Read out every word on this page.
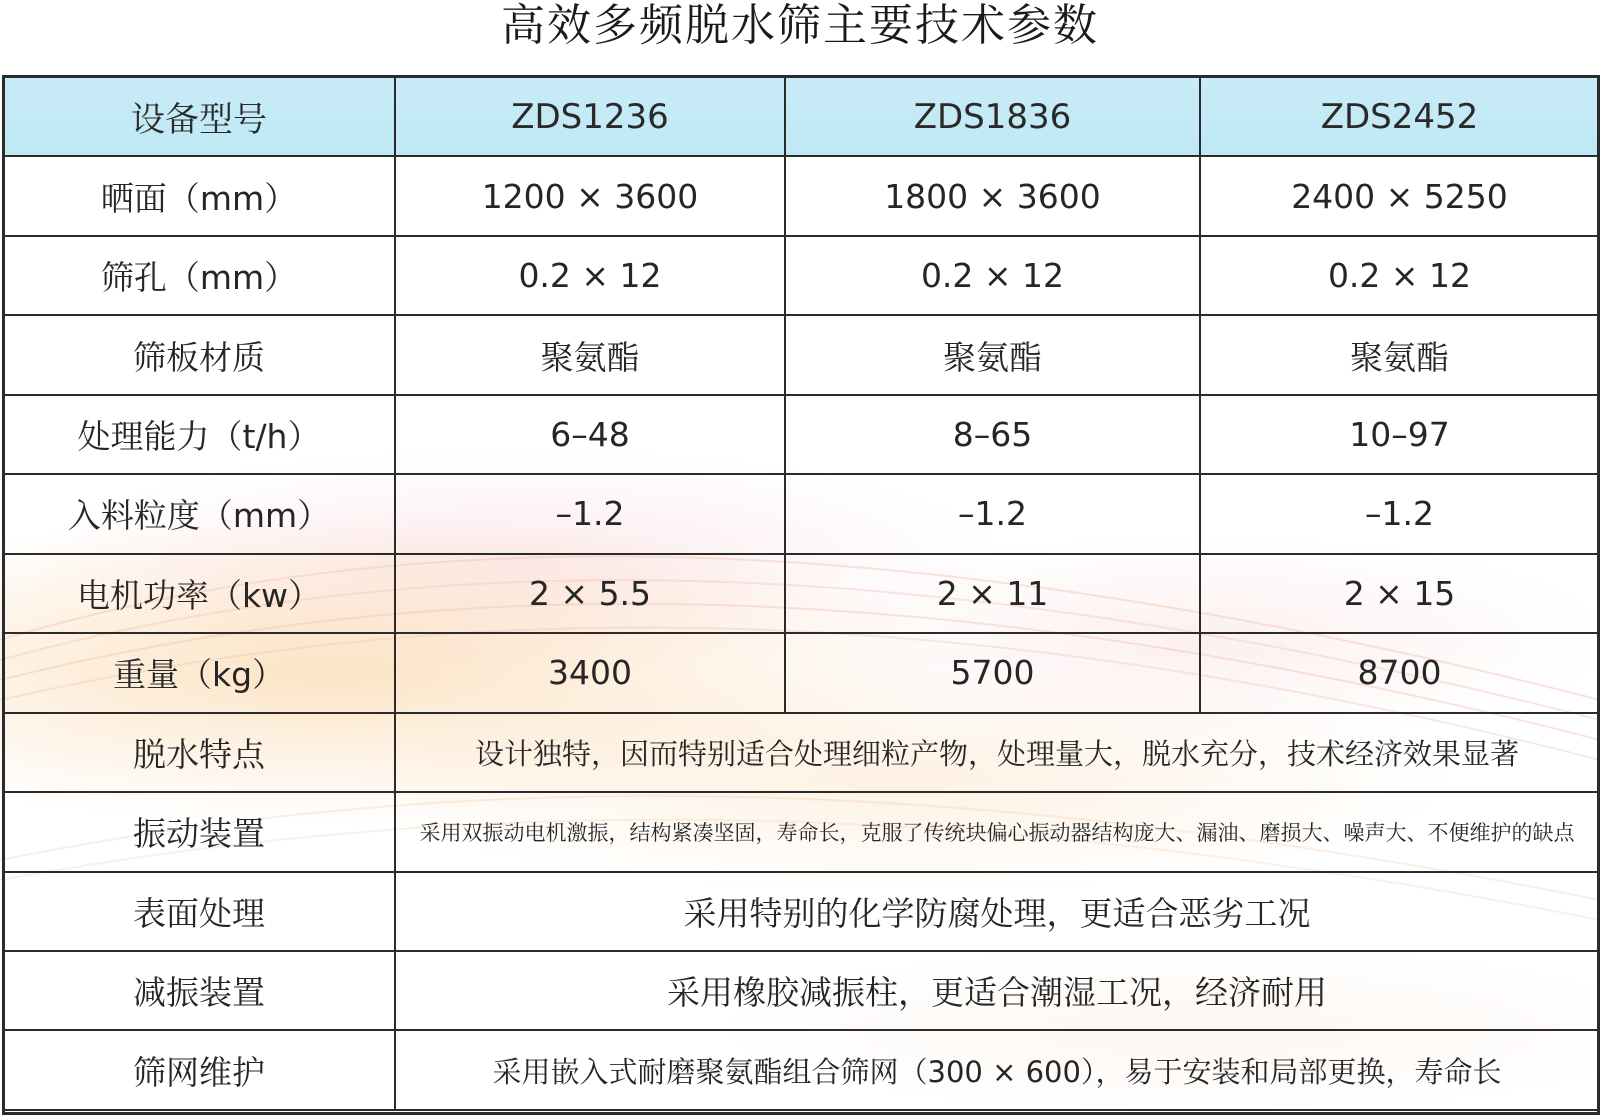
高效多频脱水筛主要技术参数
设备型号	ZDS1236	ZDS1836	ZDS2452
晒面（mm）	1200 × 3600	1800 × 3600	2400 × 5250
筛孔（mm）	0.2 × 12	0.2 × 12	0.2 × 12
筛板材质	聚氨酯	聚氨酯	聚氨酯
处理能力（t/h）	6–48	8–65	10–97
入料粒度（mm）	–1.2	–1.2	–1.2
电机功率（kw）	2 × 5.5	2 × 11	2 × 15
重量（kg）	3400	5700	8700
脱水特点	设计独特，因而特别适合处理细粒产物，处理量大，脱水充分，技术经济效果显著		
振动装置	采用双振动电机激振，结构紧凑坚固，寿命长，克服了传统块偏心振动器结构庞大、漏油、磨损大、噪声大、不便维护的缺点		
表面处理	采用特别的化学防腐处理，更适合恶劣工况		
减振装置	采用橡胶减振柱，更适合潮湿工况，经济耐用		
筛网维护	采用嵌入式耐磨聚氨酯组合筛网（300 × 600），易于安装和局部更换，寿命长		
